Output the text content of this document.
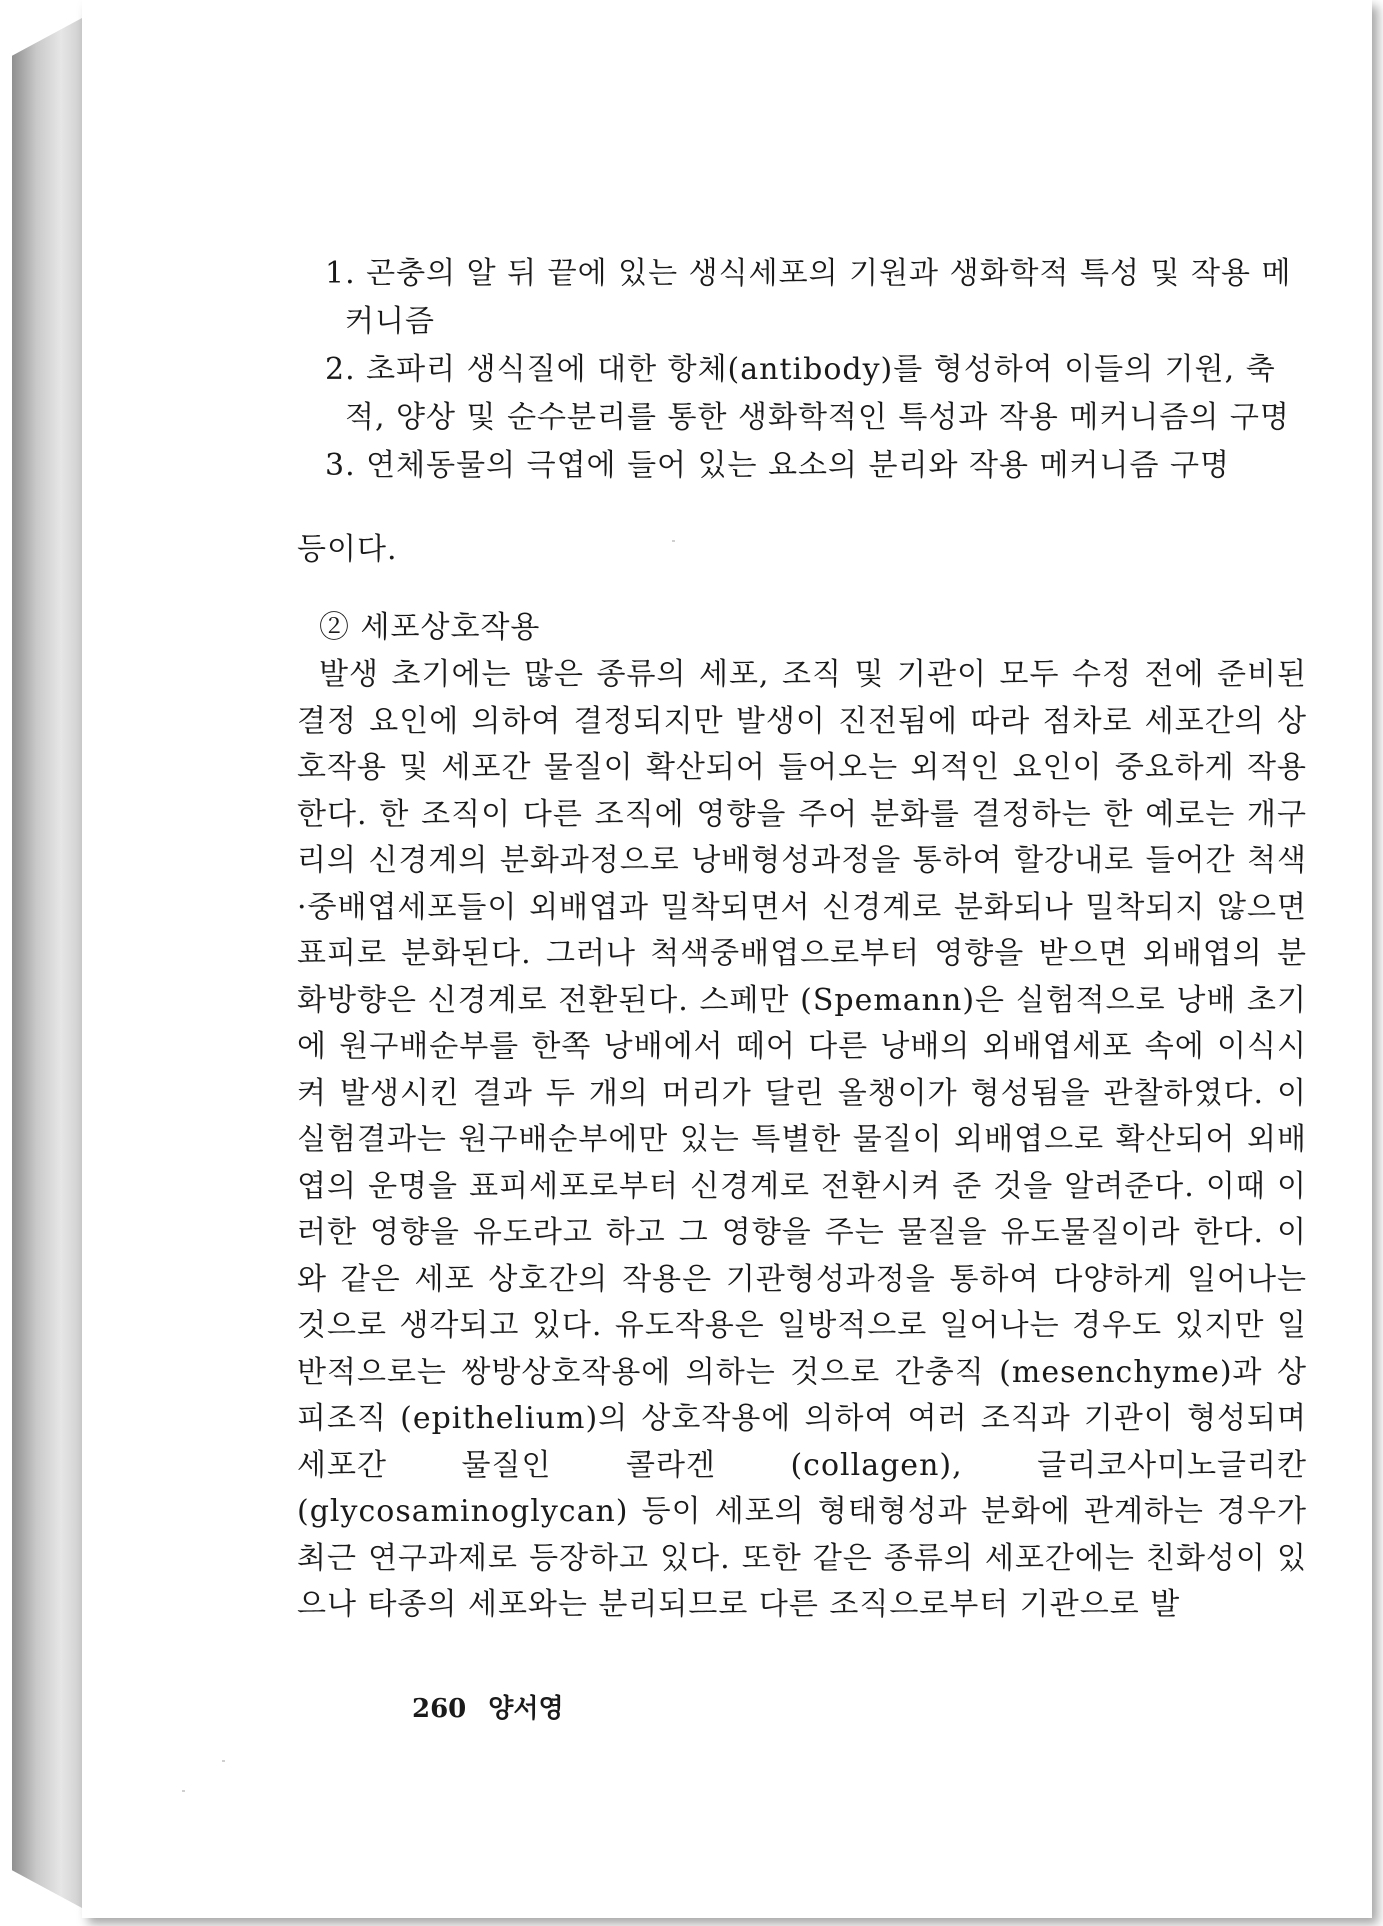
1. 곤충의 알 뒤 끝에 있는 생식세포의 기원과 생화학적 특성 및 작용 메커니즘
2. 초파리 생식질에 대한 항체(antibody)를 형성하여 이들의 기원, 축적, 양상 및 순수분리를 통한 생화학적인 특성과 작용 메커니즘의 구명
3. 연체동물의 극엽에 들어 있는 요소의 분리와 작용 메커니즘 구명

등이다.

② 세포상호작용

발생 초기에는 많은 종류의 세포, 조직 및 기관이 모두 수정 전에 준비된 결정 요인에 의하여 결정되지만 발생이 진전됨에 따라 점차로 세포간의 상호작용 및 세포간 물질이 확산되어 들어오는 외적인 요인이 중요하게 작용한다. 한 조직이 다른 조직에 영향을 주어 분화를 결정하는 한 예로는 개구리의 신경계의 분화과정으로 낭배형성과정을 통하여 할강내로 들어간 척색·중배엽세포들이 외배엽과 밀착되면서 신경계로 분화되나 밀착되지 않으면 표피로 분화된다. 그러나 척색중배엽으로부터 영향을 받으면 외배엽의 분화방향은 신경계로 전환된다. 스페만 (Spemann)은 실험적으로 낭배 초기에 원구배순부를 한쪽 낭배에서 떼어 다른 낭배의 외배엽세포 속에 이식시켜 발생시킨 결과 두 개의 머리가 달린 올챙이가 형성됨을 관찰하였다. 이 실험결과는 원구배순부에만 있는 특별한 물질이 외배엽으로 확산되어 외배엽의 운명을 표피세포로부터 신경계로 전환시켜 준 것을 알려준다. 이때 이러한 영향을 유도라고 하고 그 영향을 주는 물질을 유도물질이라 한다. 이와 같은 세포 상호간의 작용은 기관형성과정을 통하여 다양하게 일어나는 것으로 생각되고 있다. 유도작용은 일방적으로 일어나는 경우도 있지만 일반적으로는 쌍방상호작용에 의하는 것으로 간충직 (mesenchyme)과 상피조직 (epithelium)의 상호작용에 의하여 여러 조직과 기관이 형성되며 세포간 물질인 콜라겐 (collagen), 글리코사미노글리칸 (glycosaminoglycan) 등이 세포의 형태형성과 분화에 관계하는 경우가 최근 연구과제로 등장하고 있다. 또한 같은 종류의 세포간에는 친화성이 있으나 타종의 세포와는 분리되므로 다른 조직으로부터 기관으로 발

260 양서영
